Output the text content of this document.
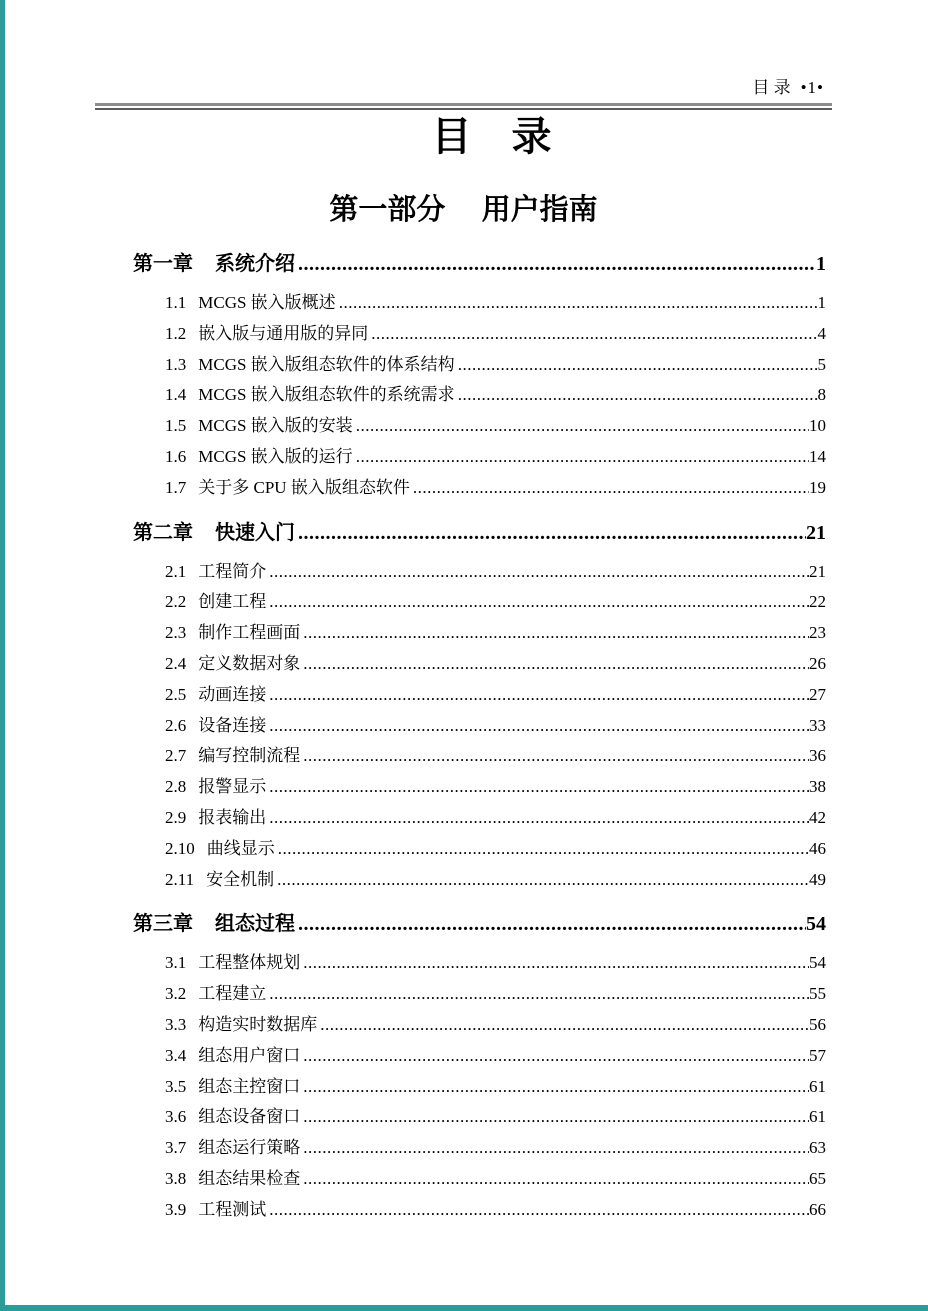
目 录 •1•
目　录
第一部分　 用户指南
第一章 系统介绍 .....	1
1.1 MCGS 嵌入版概述 .....	1
1.2 嵌入版与通用版的异同 .....	4
1.3 MCGS 嵌入版组态软件的体系结构 .....	5
1.4 MCGS 嵌入版组态软件的系统需求 .....	8
1.5 MCGS 嵌入版的安装 .....	10
1.6 MCGS 嵌入版的运行 .....	14
1.7 关于多 CPU 嵌入版组态软件 .....	19
第二章 快速入门 .....	21
2.1 工程简介 .....	21
2.2 创建工程 .....	22
2.3 制作工程画面 .....	23
2.4 定义数据对象 .....	26
2.5 动画连接 .....	27
2.6 设备连接 .....	33
2.7 编写控制流程 .....	36
2.8 报警显示 .....	38
2.9 报表输出 .....	42
2.10 曲线显示 .....	46
2.11 安全机制 .....	49
第三章 组态过程 .....	54
3.1 工程整体规划 .....	54
3.2 工程建立 .....	55
3.3 构造实时数据库 .....	56
3.4 组态用户窗口 .....	57
3.5 组态主控窗口 .....	61
3.6 组态设备窗口 .....	61
3.7 组态运行策略 .....	63
3.8 组态结果检查 .....	65
3.9 工程测试 .....	66
